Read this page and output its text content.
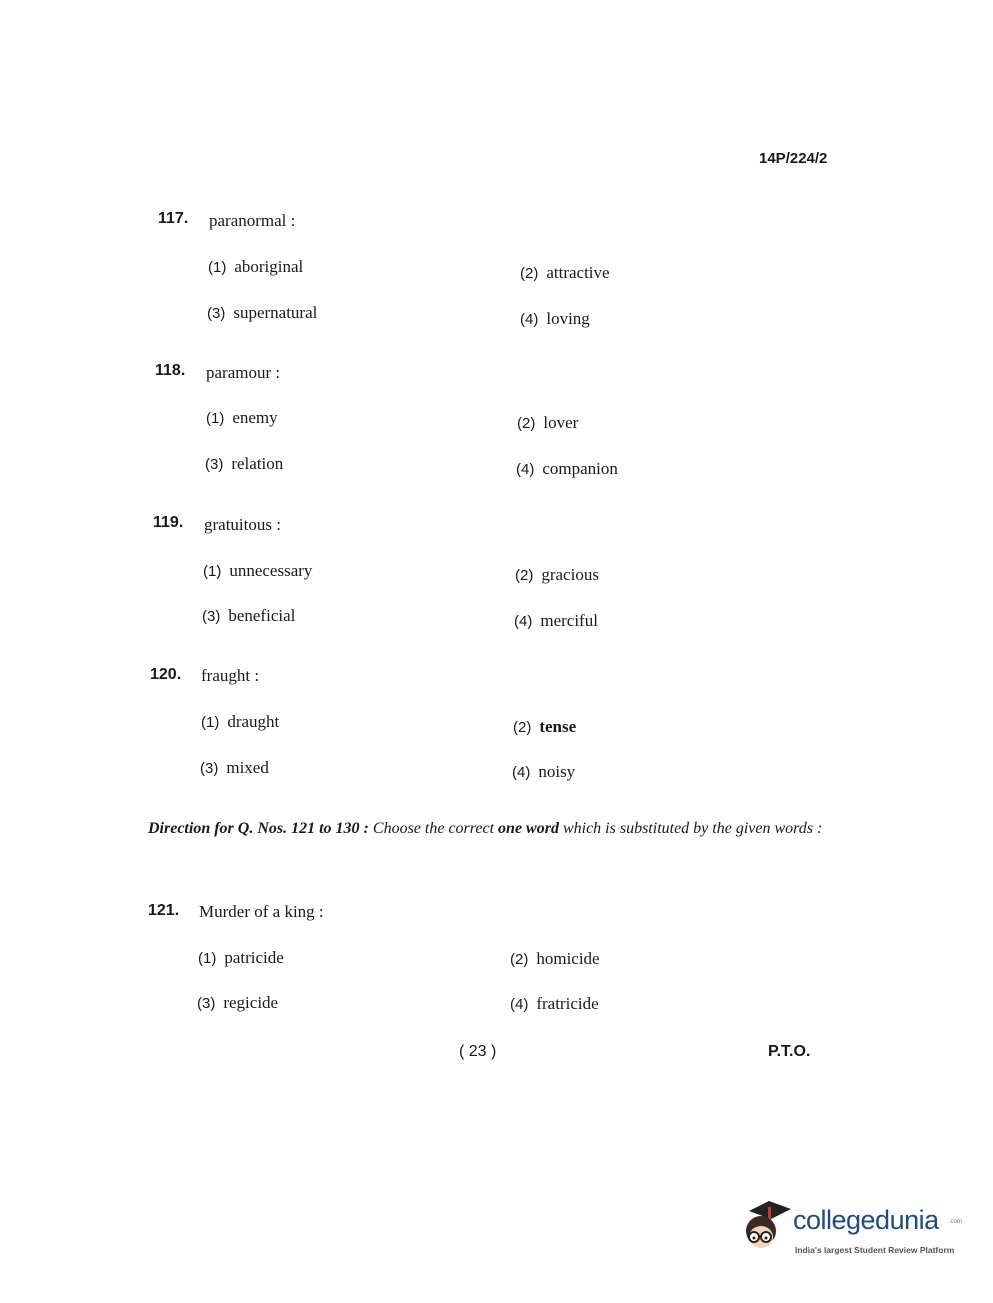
14P/224/2
117. paranormal :
(1) aboriginal	(2) attractive
(3) supernatural	(4) loving
118. paramour :
(1) enemy	(2) lover
(3) relation	(4) companion
119. gratuitous :
(1) unnecessary	(2) gracious
(3) beneficial	(4) merciful
120. fraught :
(1) draught	(2) tense
(3) mixed	(4) noisy
Direction for Q. Nos. 121 to 130 : Choose the correct one word which is substituted by the given words :
121. Murder of a king :
(1) patricide	(2) homicide
(3) regicide	(4) fratricide
( 23 )	P.T.O.
collegedunia .com
India's largest Student Review Platform
